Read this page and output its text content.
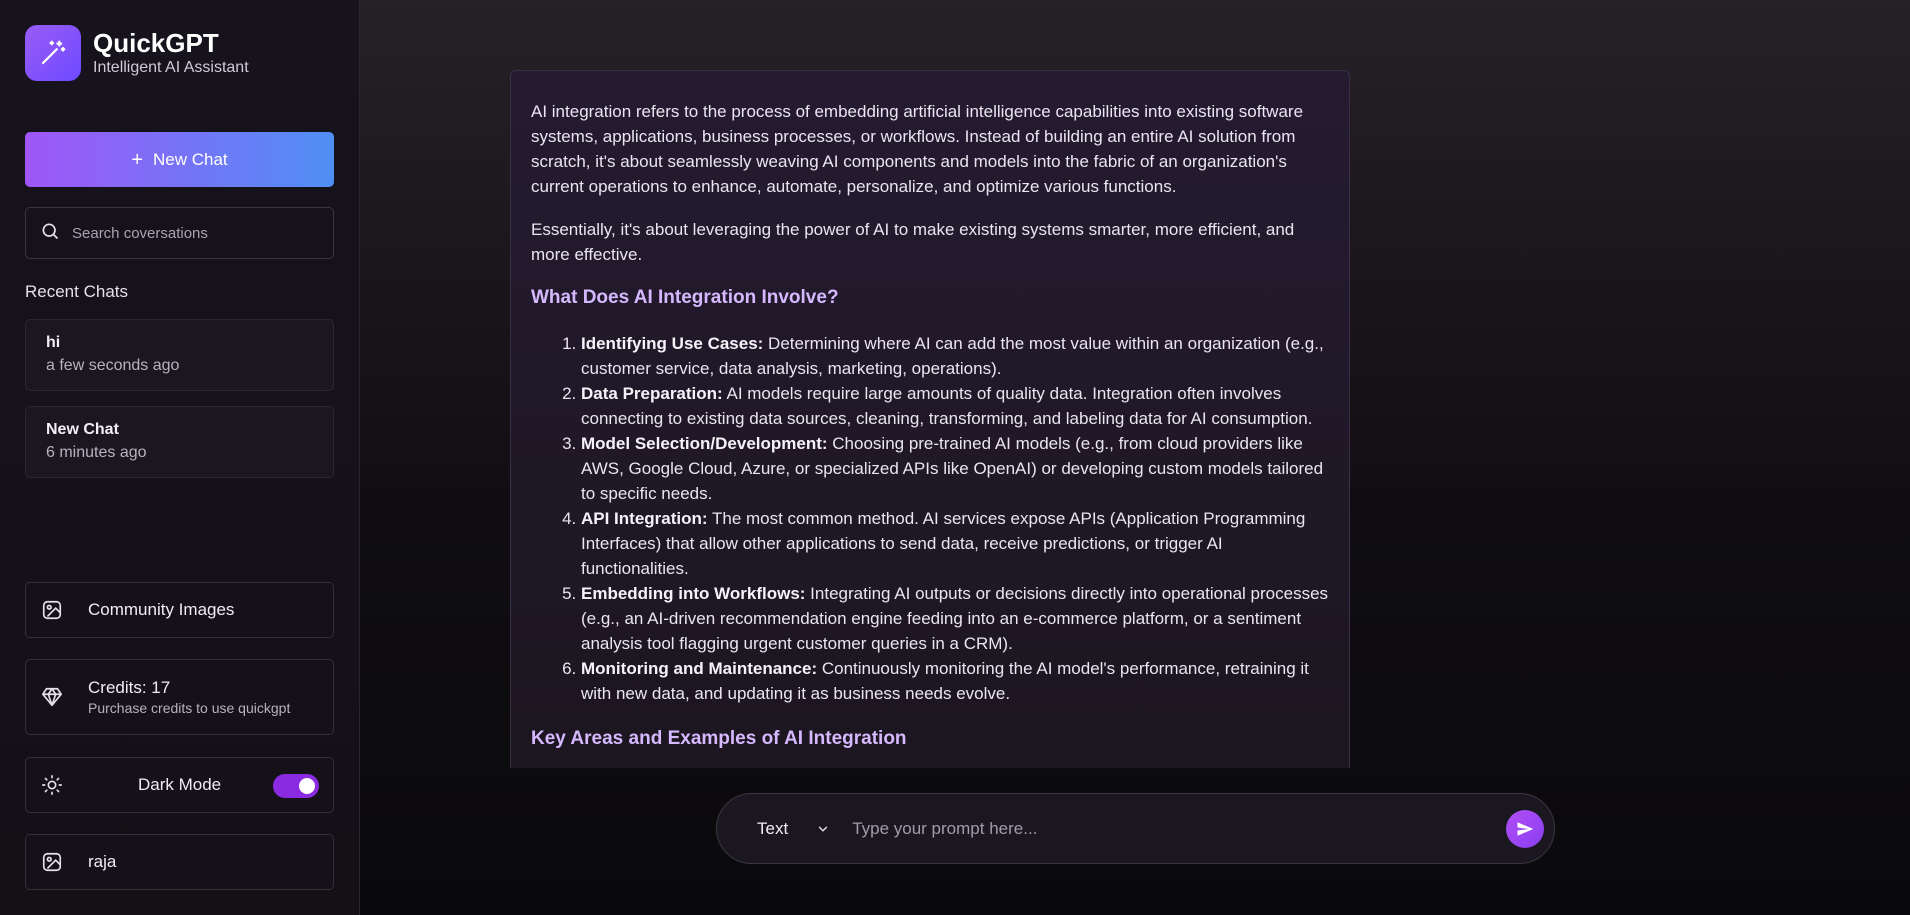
QuickGPT
Intelligent AI Assistant
+ New Chat
Search coversations
Recent Chats
hi
a few seconds ago
New Chat
6 minutes ago
Community Images
Credits: 17
Purchase credits to use quickgpt
Dark Mode
raja

AI integration refers to the process of embedding artificial intelligence capabilities into existing software systems, applications, business processes, or workflows. Instead of building an entire AI solution from scratch, it's about seamlessly weaving AI components and models into the fabric of an organization's current operations to enhance, automate, personalize, and optimize various functions.

Essentially, it's about leveraging the power of AI to make existing systems smarter, more efficient, and more effective.

What Does AI Integration Involve?
1. Identifying Use Cases: Determining where AI can add the most value within an organization (e.g., customer service, data analysis, marketing, operations).
2. Data Preparation: AI models require large amounts of quality data. Integration often involves connecting to existing data sources, cleaning, transforming, and labeling data for AI consumption.
3. Model Selection/Development: Choosing pre-trained AI models (e.g., from cloud providers like AWS, Google Cloud, Azure, or specialized APIs like OpenAI) or developing custom models tailored to specific needs.
4. API Integration: The most common method. AI services expose APIs (Application Programming Interfaces) that allow other applications to send data, receive predictions, or trigger AI functionalities.
5. Embedding into Workflows: Integrating AI outputs or decisions directly into operational processes (e.g., an AI-driven recommendation engine feeding into an e-commerce platform, or a sentiment analysis tool flagging urgent customer queries in a CRM).
6. Monitoring and Maintenance: Continuously monitoring the AI model's performance, retraining it with new data, and updating it as business needs evolve.
Key Areas and Examples of AI Integration
Text
Type your prompt here...
